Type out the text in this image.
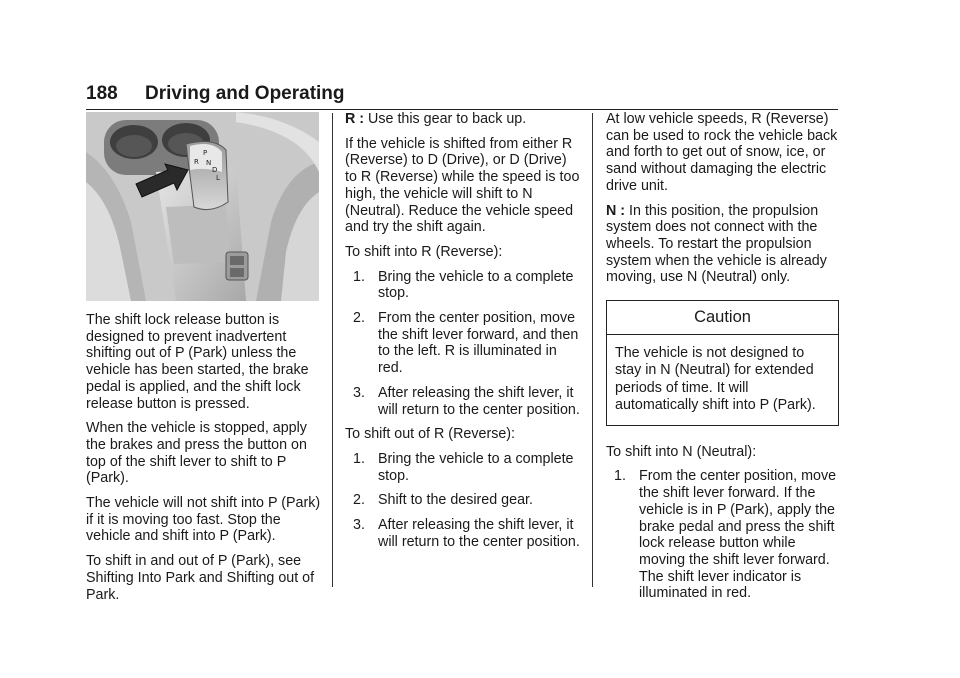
188 Driving and Operating
P
R N
D
L

The shift lock release button is designed to prevent inadvertent shifting out of P (Park) unless the vehicle has been started, the brake pedal is applied, and the shift lock release button is pressed.

When the vehicle is stopped, apply the brakes and press the button on top of the shift lever to shift to P (Park).

The vehicle will not shift into P (Park) if it is moving too fast. Stop the vehicle and shift into P (Park).

To shift in and out of P (Park), see Shifting Into Park and Shifting out of Park.

R : Use this gear to back up.

If the vehicle is shifted from either R (Reverse) to D (Drive), or D (Drive) to R (Reverse) while the speed is too high, the vehicle will shift to N (Neutral). Reduce the vehicle speed and try the shift again.

To shift into R (Reverse):

1. Bring the vehicle to a complete stop.
2. From the center position, move the shift lever forward, and then to the left. R is illuminated in red.
3. After releasing the shift lever, it will return to the center position.

To shift out of R (Reverse):

1. Bring the vehicle to a complete stop.
2. Shift to the desired gear.
3. After releasing the shift lever, it will return to the center position.

At low vehicle speeds, R (Reverse) can be used to rock the vehicle back and forth to get out of snow, ice, or sand without damaging the electric drive unit.

N : In this position, the propulsion system does not connect with the wheels. To restart the propulsion system when the vehicle is already moving, use N (Neutral) only.

Caution
The vehicle is not designed to stay in N (Neutral) for extended periods of time. It will automatically shift into P (Park).

To shift into N (Neutral):

1. From the center position, move the shift lever forward. If the vehicle is in P (Park), apply the brake pedal and press the shift lock release button while moving the shift lever forward. The shift lever indicator is illuminated in red.
